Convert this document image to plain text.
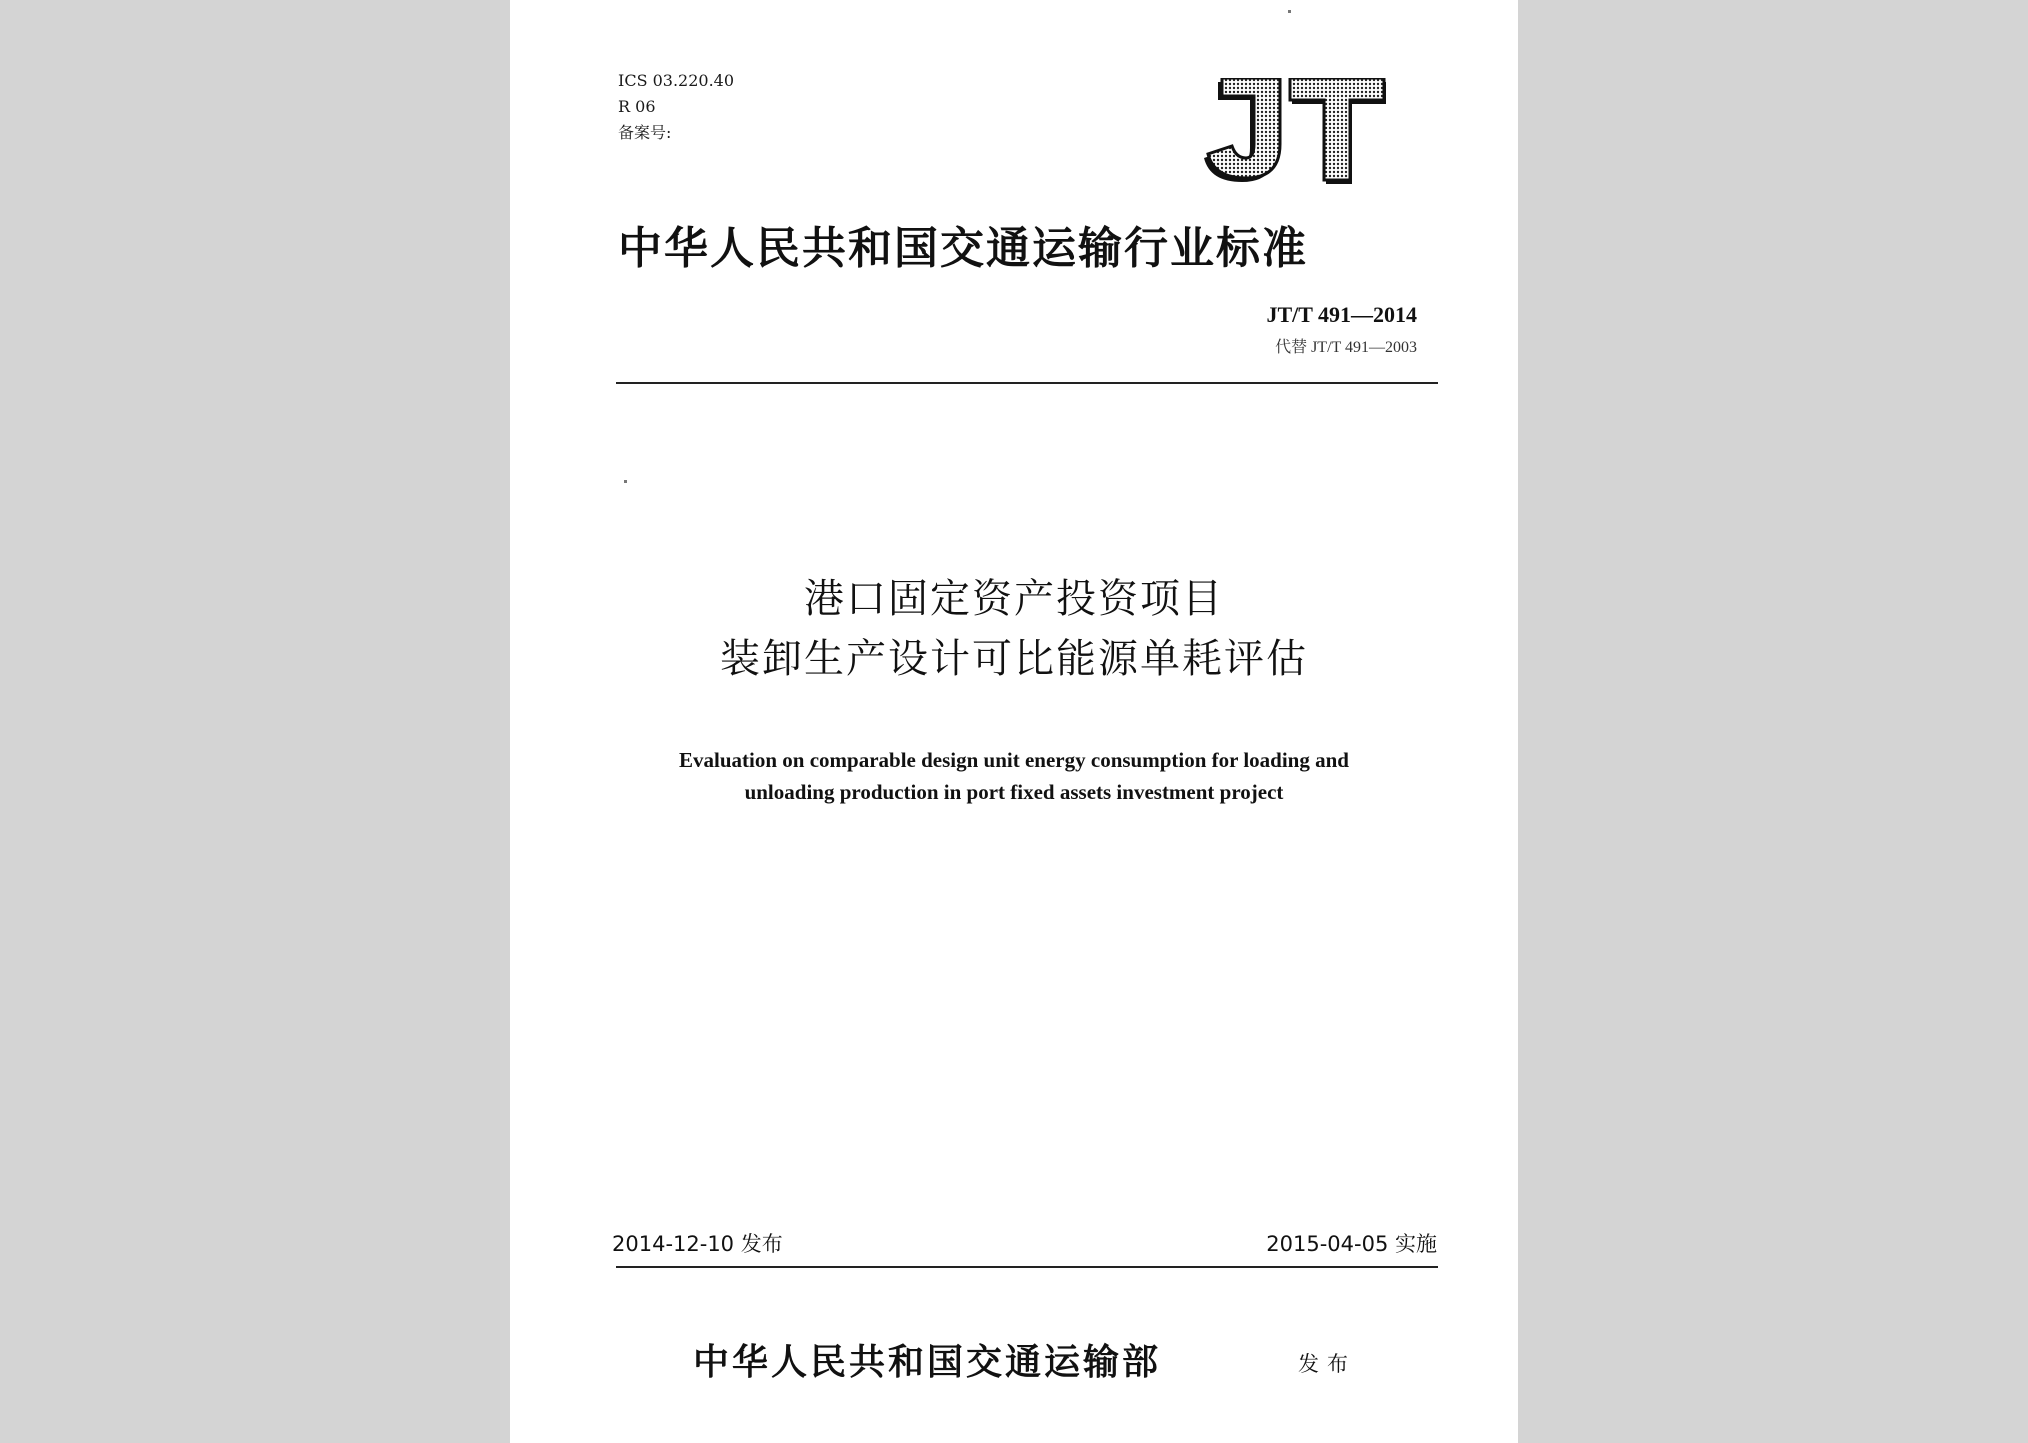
ICS 03.220.40
R 06
备案号:
JT
中华人民共和国交通运输行业标准
JT/T 491—2014
代替 JT/T 491—2003
港口固定资产投资项目
装卸生产设计可比能源单耗评估
Evaluation on comparable design unit energy consumption for loading and
unloading production in port fixed assets investment project
2014-12-10 发布	2015-04-05 实施
中华人民共和国交通运输部	发布
